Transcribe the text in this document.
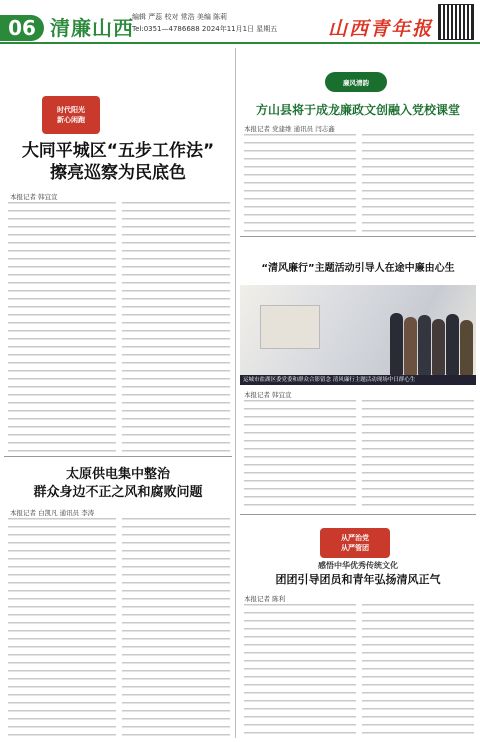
06 清廉山西
编辑 严蕊 校对 常浩 美编 陈莉
Tel:0351—4786688 2024年11月1日 星期五	山西青年报
时代阳光
新心闲跑
大同平城区“五步工作法”
擦亮巡察为民底色
本报记者 韩宜宣
太原供电集中整治
群众身边不正之风和腐败问题
本报记者 白凯凡 通讯员 李涛
廉风清韵
方山县将于成龙廉政文创融入党校课堂
本报记者 党建维 通讯员 闫志鑫
“清风廉行”主题活动引导人在途中廉由心生
运城市盐湖区委党委和群众合影留念 清风廉行主题活动现场中日群心生
本报记者 韩宜宣
从严治党
从严管团
感悟中华优秀传统文化
团团引导团员和青年弘扬清风正气
本报记者 陈利
